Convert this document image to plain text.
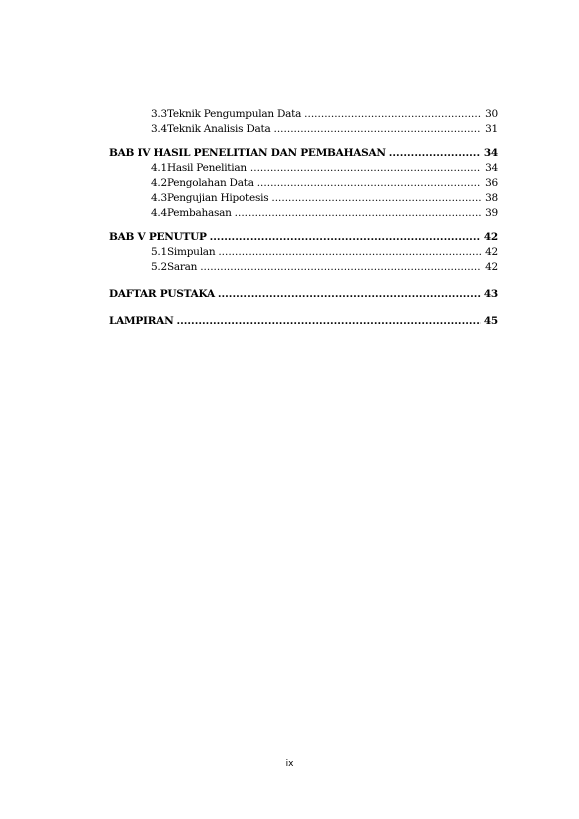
3.3 Teknik Pengumpulan Data .....	30
3.4 Teknik Analisis Data .....	31
BAB IV HASIL PENELITIAN DAN PEMBAHASAN .....	34
4.1 Hasil Penelitian .....	34
4.2 Pengolahan Data .....	36
4.3 Pengujian Hipotesis .....	38
4.4 Pembahasan .....	39
BAB V PENUTUP .....	42
5.1 Simpulan .....	42
5.2 Saran .....	42
DAFTAR PUSTAKA .....	43
LAMPIRAN .....	45
ix
